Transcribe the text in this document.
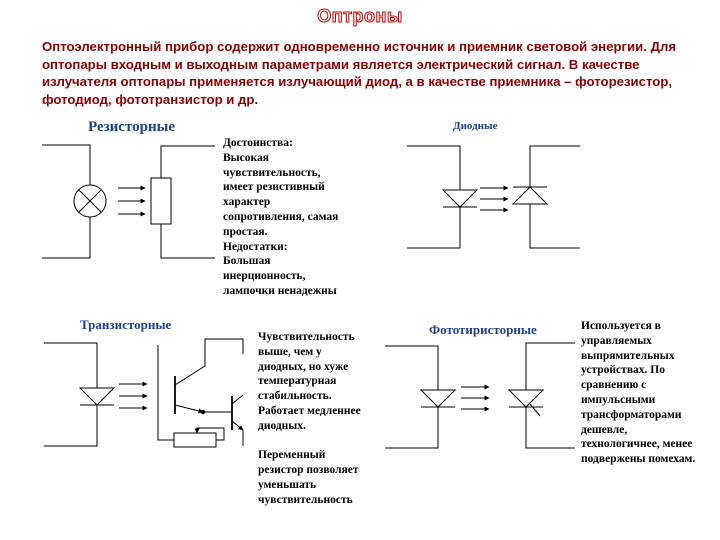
Оптроны
Оптоэлектронный прибор содержит одновременно источник и приемник световой энергии. Для оптопары входным и выходным параметрами является электрический сигнал. В качестве излучателя оптопары применяется излучающий диод, а в качестве приемника – фоторезистор, фотодиод, фототранзистор и др.
Резисторные	Диодные
Транзисторные	Фототиристорные
Достоинства:
Высокая чувствительность, имеет резистивный характер сопротивления, самая простая.
Недостатки:
Большая инерционность, лампочки ненадежны
Чувствительность выше, чем у диодных, но хуже температурная стабильность. Работает медленнее диодных.

Переменный резистор позволяет уменьшать чувствительность
Используется в управляемых выпрямительных устройствах. По сравнению с импульсными трансформаторами дешевле, технологичнее, менее подвержены помехам.
